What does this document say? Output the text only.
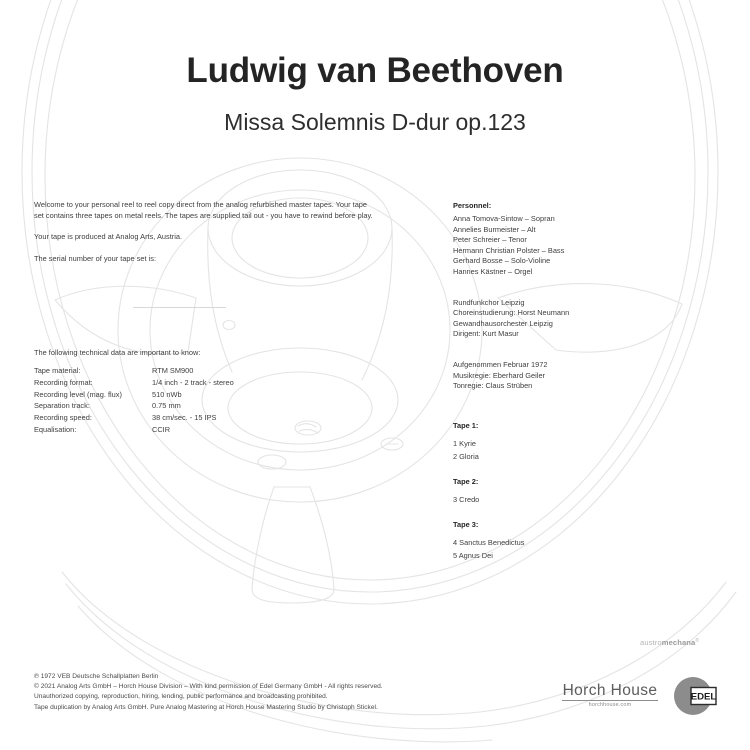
Ludwig van Beethoven
Missa Solemnis D-dur op.123

Welcome to your personal reel to reel copy direct from the analog refurbished master tapes. Your tape set contains three tapes on metal reels. The tapes are supplied tail out - you have to rewind before play.

Your tape is produced at Analog Arts, Austria.

The serial number of your tape set is:

The following technical data are important to know:
Tape material:	RTM SM900
Recording format:	1/4 inch - 2 track - stereo
Recording level (mag. flux)	510 nWb
Separation track:	0.75 mm
Recording speed:	38 cm/sec. - 15 IPS
Equalisation:	CCIR
Personnel:

Anna Tomova-Sintow – Sopran

Annelies Burmeister – Alt

Peter Schreier – Tenor

Hermann Christian Polster – Bass

Gerhard Bosse – Solo-Violine

Hannes Kästner – Orgel

Rundfunkchor Leipzig

Choreinstudierung: Horst Neumann

Gewandhausorchester Leipzig

Dirigent: Kurt Masur

Aufgenommen Februar 1972

Musikregie: Eberhard Geiler

Tonregie: Claus Strüben

Tape 1:

1 Kyrie

2 Gloria

Tape 2:

3 Credo

Tape 3:

4 Sanctus Benedictus

5 Agnus Dei

℗ 1972 VEB Deutsche Schallplatten Berlin

© 2021 Analog Arts GmbH – Horch House Division – With kind permission of Edel Germany GmbH - All rights reserved.

Unauthorized copying, reproduction, hiring, lending, public performance and broadcasting prohibited.

Tape duplication by Analog Arts GmbH. Pure Analog Mastering at Horch House Mastering Studio by Christoph Stickel.

austromechana®
Horch House
horchhouse.com
EDEL
